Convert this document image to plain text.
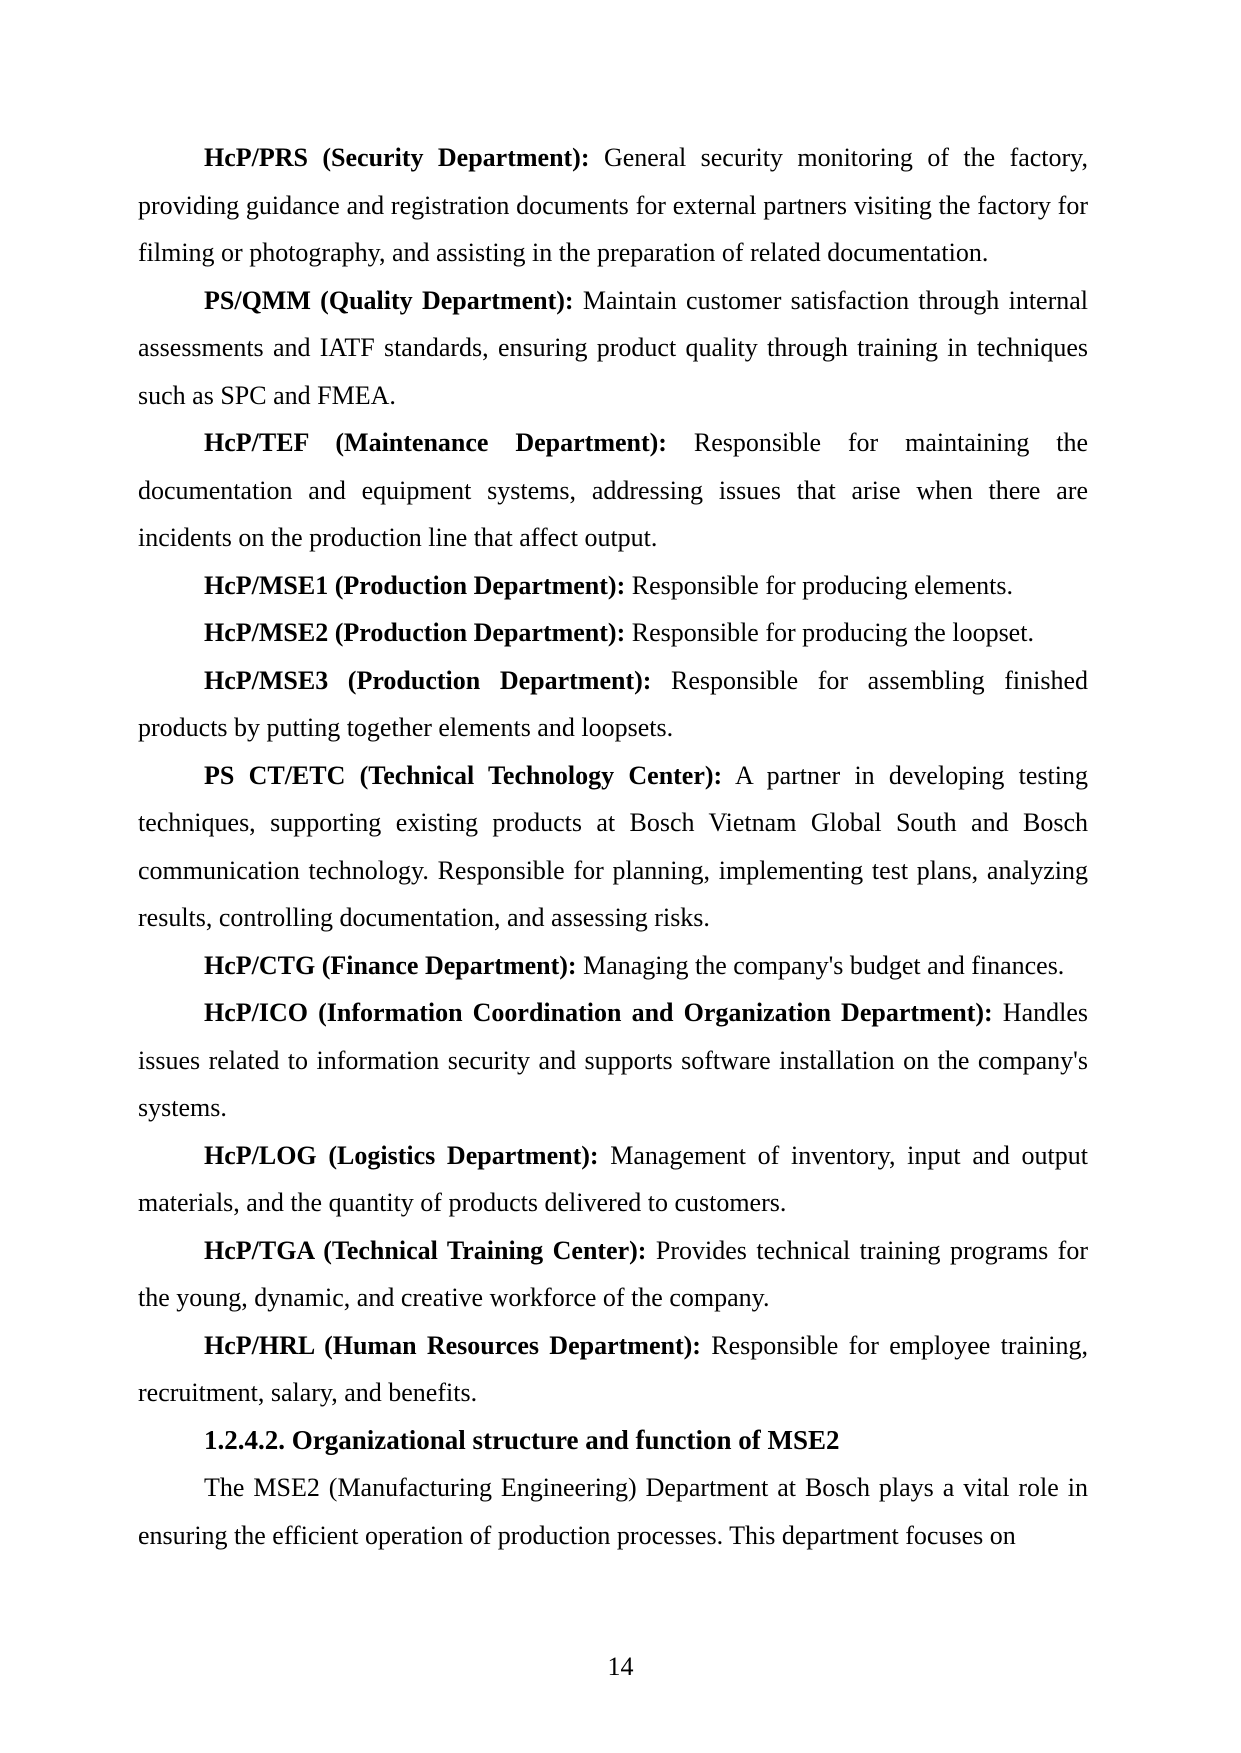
HcP/PRS (Security Department): General security monitoring of the factory, providing guidance and registration documents for external partners visiting the factory for filming or photography, and assisting in the preparation of related documentation.

PS/QMM (Quality Department): Maintain customer satisfaction through internal assessments and IATF standards, ensuring product quality through training in techniques such as SPC and FMEA.

HcP/TEF (Maintenance Department): Responsible for maintaining the documentation and equipment systems, addressing issues that arise when there are incidents on the production line that affect output.

HcP/MSE1 (Production Department): Responsible for producing elements.

HcP/MSE2 (Production Department): Responsible for producing the loopset.

HcP/MSE3 (Production Department): Responsible for assembling finished products by putting together elements and loopsets.

PS CT/ETC (Technical Technology Center): A partner in developing testing techniques, supporting existing products at Bosch Vietnam Global South and Bosch communication technology. Responsible for planning, implementing test plans, analyzing results, controlling documentation, and assessing risks.

HcP/CTG (Finance Department): Managing the company's budget and finances.

HcP/ICO (Information Coordination and Organization Department): Handles issues related to information security and supports software installation on the company's systems.

HcP/LOG (Logistics Department): Management of inventory, input and output materials, and the quantity of products delivered to customers.

HcP/TGA (Technical Training Center): Provides technical training programs for the young, dynamic, and creative workforce of the company.

HcP/HRL (Human Resources Department): Responsible for employee training, recruitment, salary, and benefits.

1.2.4.2. Organizational structure and function of MSE2

The MSE2 (Manufacturing Engineering) Department at Bosch plays a vital role in ensuring the efficient operation of production processes. This department focuses on

14
